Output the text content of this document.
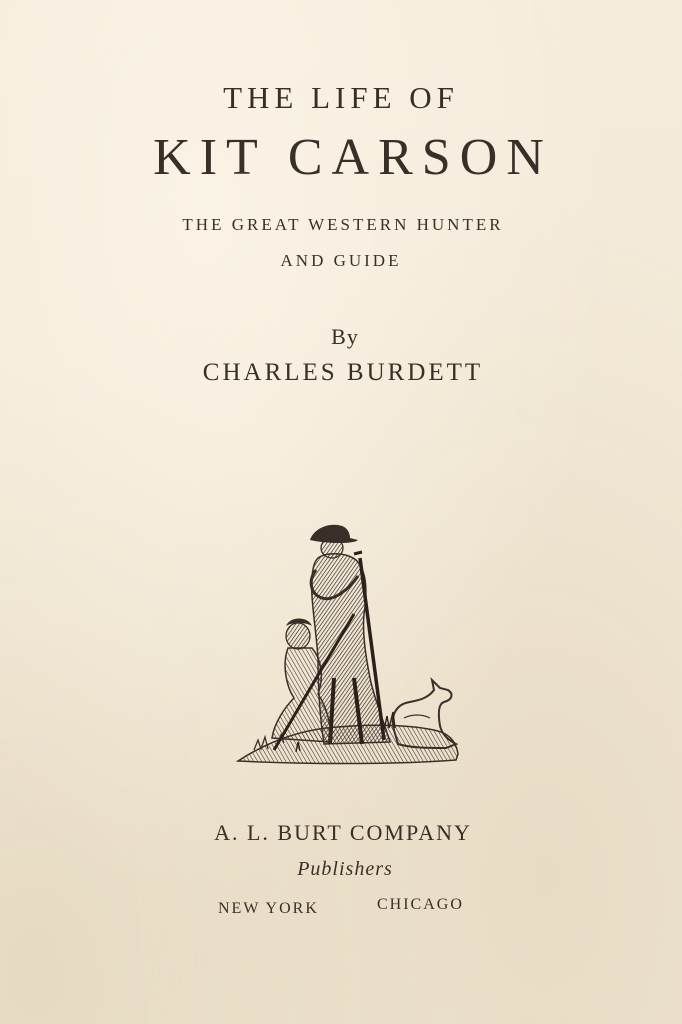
THE LIFE OF
KIT CARSON
THE GREAT WESTERN HUNTER
AND GUIDE
By
CHARLES BURDETT
A. L. BURT COMPANY
Publishers
NEW YORK	CHICAGO
